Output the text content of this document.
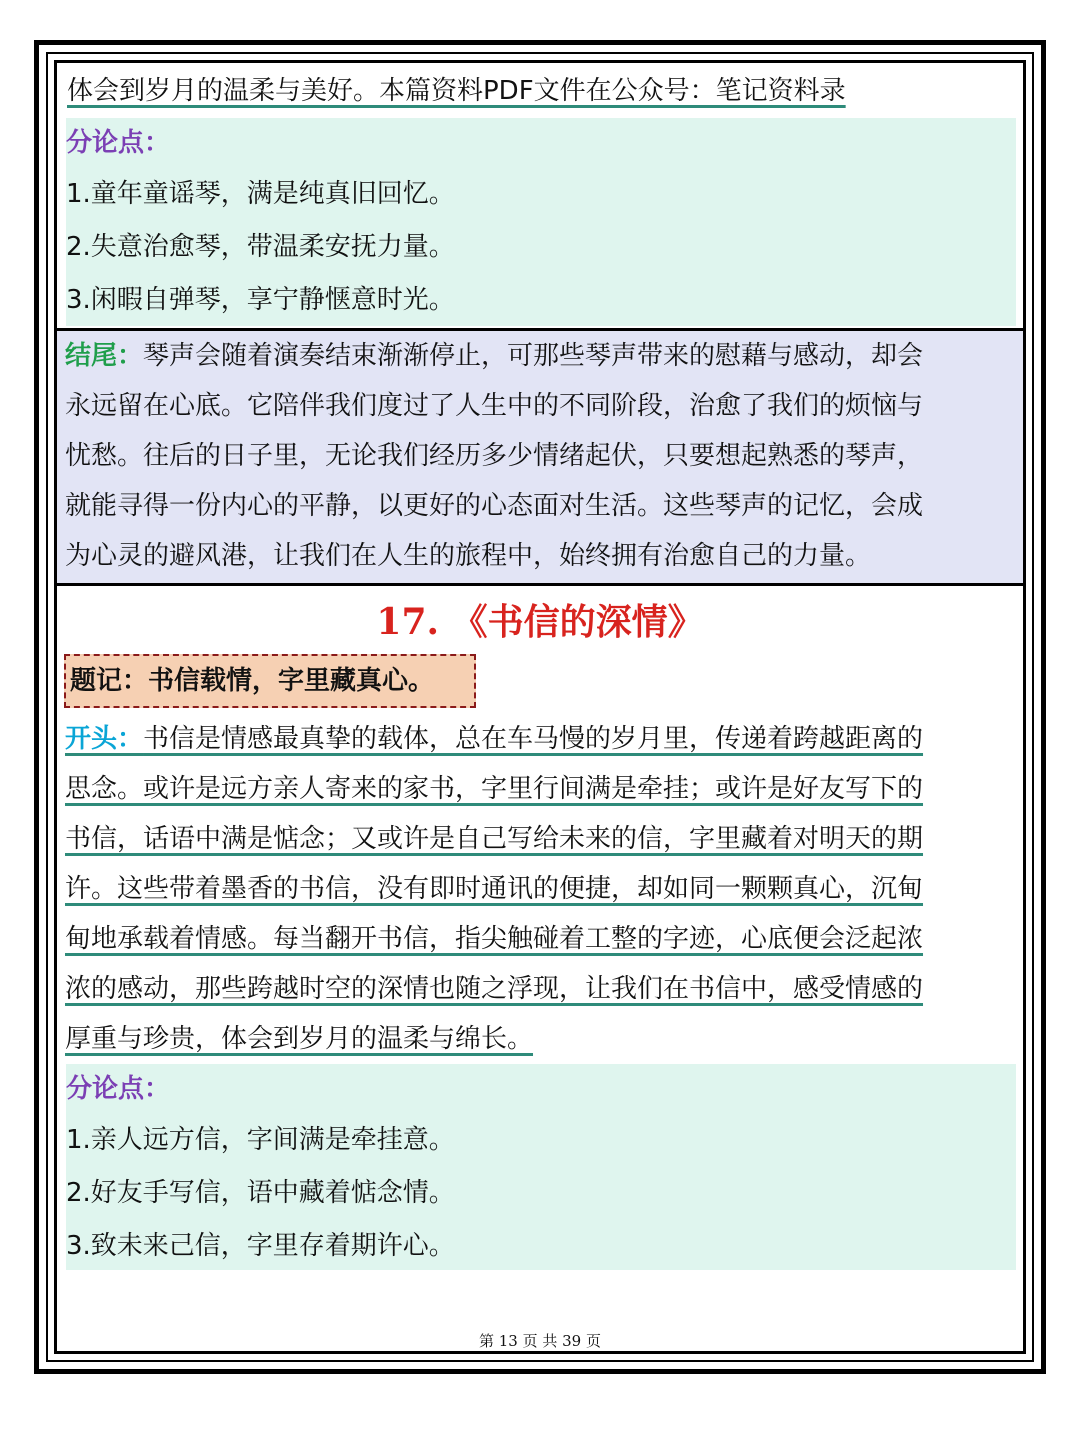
体会到岁月的温柔与美好。本篇资料PDF文件在公众号：笔记资料录
分论点：
1.童年童谣琴，满是纯真旧回忆。
2.失意治愈琴，带温柔安抚力量。
3.闲暇自弹琴，享宁静惬意时光。
结尾：琴声会随着演奏结束渐渐停止，可那些琴声带来的慰藉与感动，却会
永远留在心底。它陪伴我们度过了人生中的不同阶段，治愈了我们的烦恼与
忧愁。往后的日子里，无论我们经历多少情绪起伏，只要想起熟悉的琴声，
就能寻得一份内心的平静，以更好的心态面对生活。这些琴声的记忆，会成
为心灵的避风港，让我们在人生的旅程中，始终拥有治愈自己的力量。
17. 《书信的深情》
题记：书信载情，字里藏真心。
开头：书信是情感最真挚的载体，总在车马慢的岁月里，传递着跨越距离的
思念。或许是远方亲人寄来的家书，字里行间满是牵挂；或许是好友写下的
书信，话语中满是惦念；又或许是自己写给未来的信，字里藏着对明天的期
许。这些带着墨香的书信，没有即时通讯的便捷，却如同一颗颗真心，沉甸
甸地承载着情感。每当翻开书信，指尖触碰着工整的字迹，心底便会泛起浓
浓的感动，那些跨越时空的深情也随之浮现，让我们在书信中，感受情感的
厚重与珍贵，体会到岁月的温柔与绵长。
分论点：
1.亲人远方信，字间满是牵挂意。
2.好友手写信，语中藏着惦念情。
3.致未来己信，字里存着期许心。
第 13 页 共 39 页
